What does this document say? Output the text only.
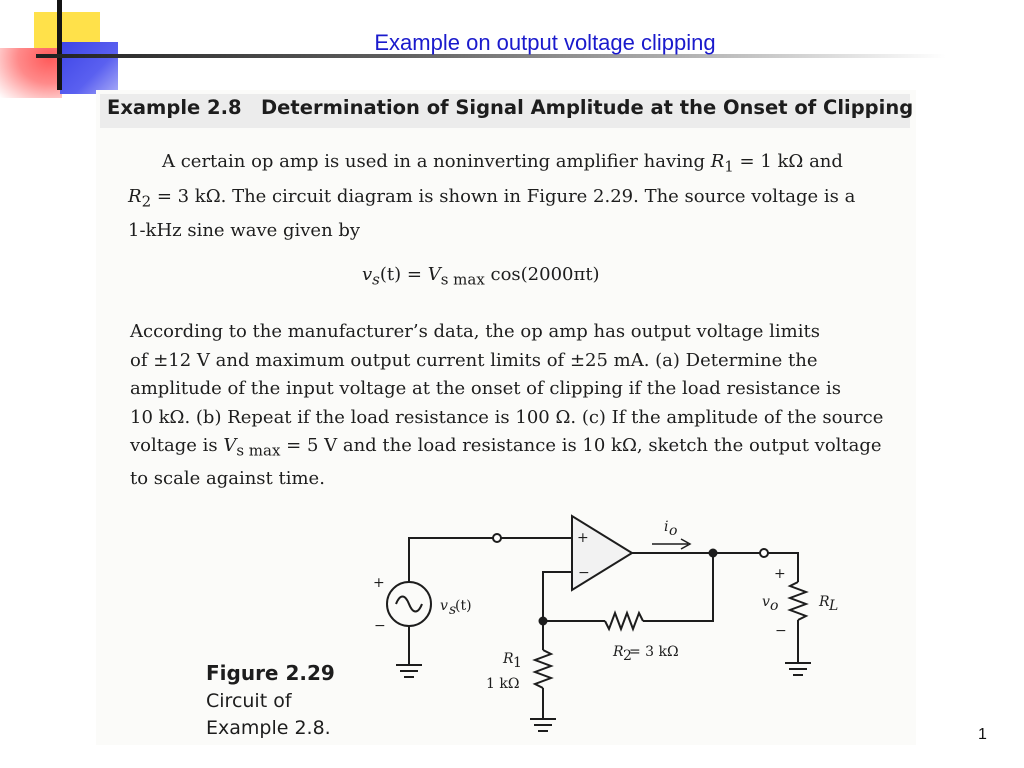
Example on output voltage clipping
Example 2.8 Determination of Signal Amplitude at the Onset of Clipping
A certain op amp is used in a noninverting amplifier having $R_1 = 1$ kΩ and
$R_2 = 3$ kΩ. The circuit diagram is shown in Figure 2.29. The source voltage is a
1-kHz sine wave given by
$v_s(t) = V_{s max}$ cos(2000πt)
According to the manufacturer’s data, the op amp has output voltage limits
of ±12 V and maximum output current limits of ±25 mA. (a) Determine the
amplitude of the input voltage at the onset of clipping if the load resistance is
10 kΩ. (b) Repeat if the load resistance is 100 Ω. (c) If the amplitude of the source
voltage is $V_{s max} = 5$ V and the load resistance is 10 kΩ, sketch the output voltage
to scale against time.
+
−
+
−
v s
(t)
i o
+
−
v o	R L
R 1
1 kΩ
R 2
= 3 kΩ
Figure 2.29
Circuit of
Example 2.8.	1
